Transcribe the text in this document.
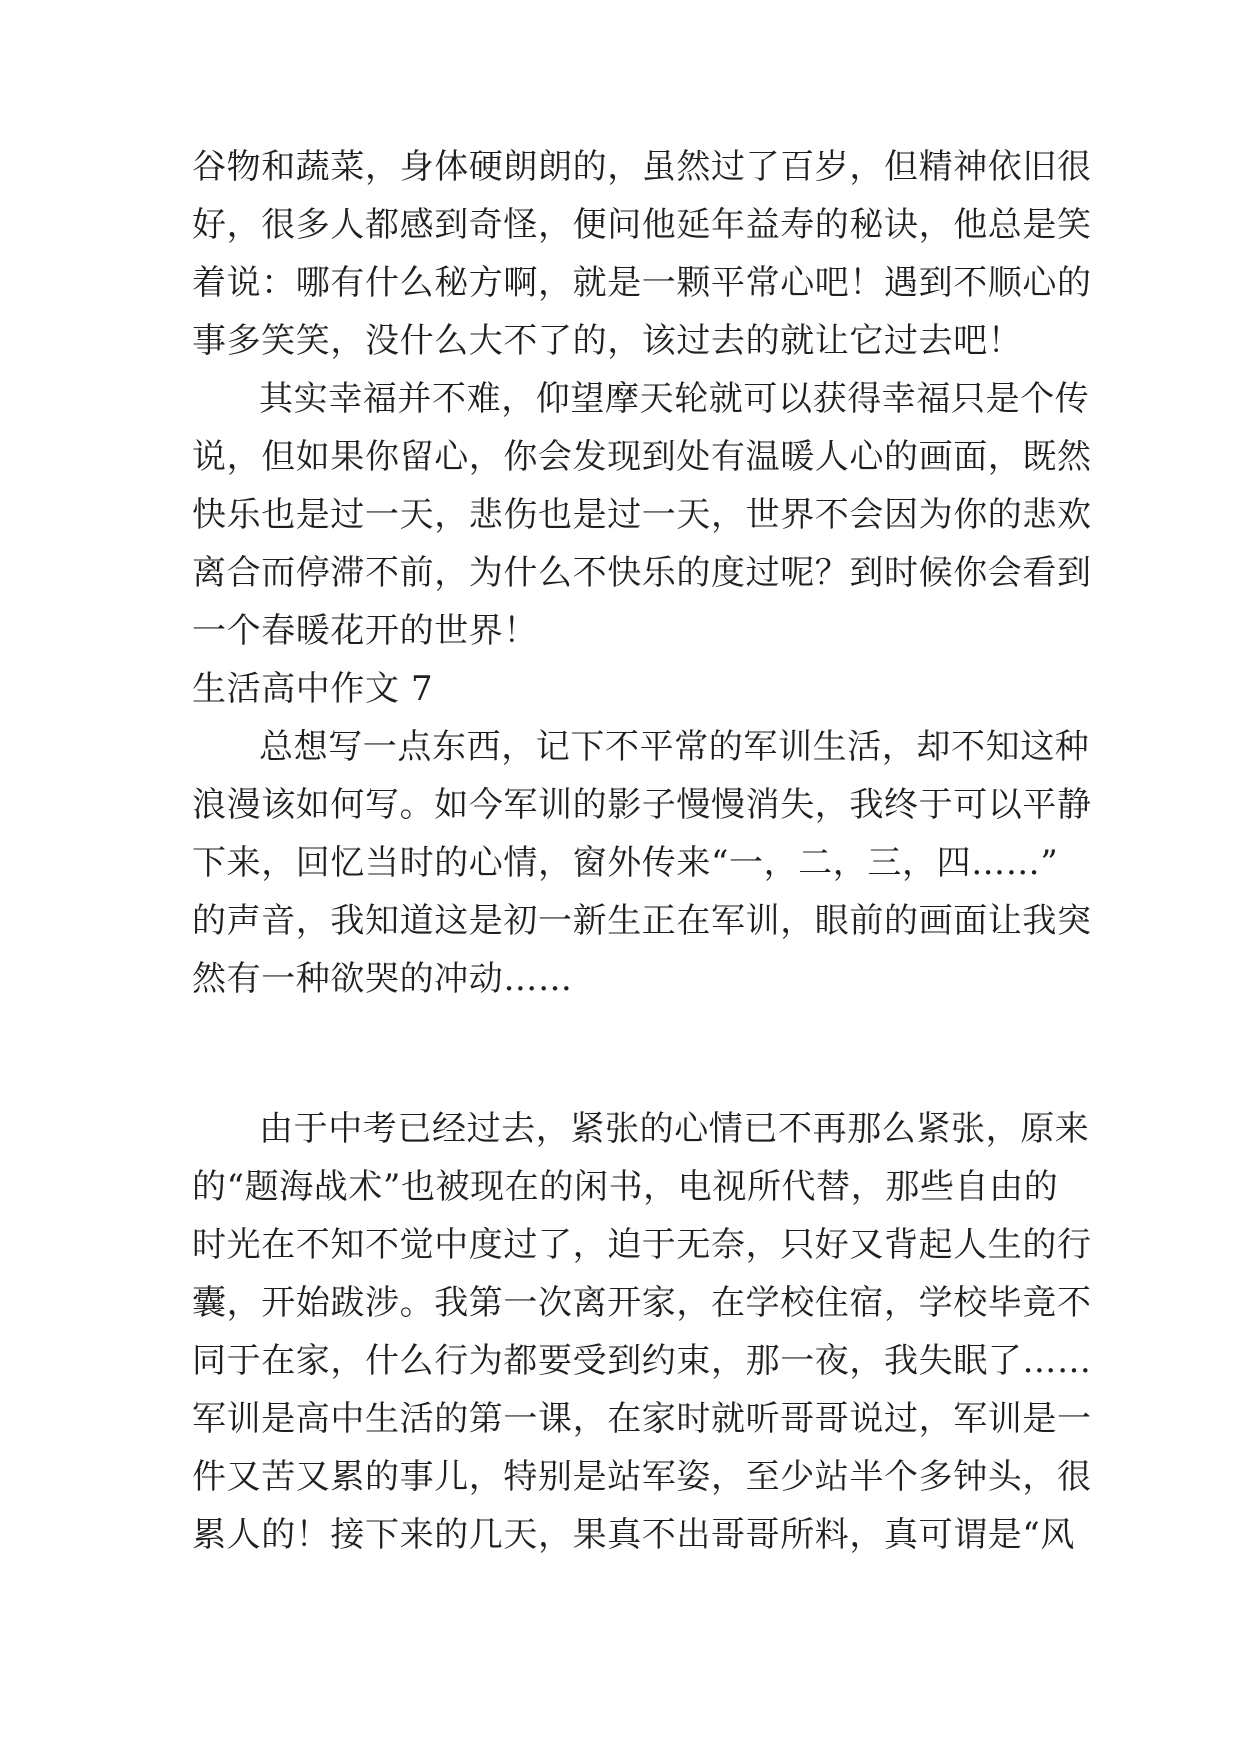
谷物和蔬菜，身体硬朗朗的，虽然过了百岁，但精神依旧很

好，很多人都感到奇怪，便问他延年益寿的秘诀，他总是笑

着说：哪有什么秘方啊，就是一颗平常心吧！遇到不顺心的

事多笑笑，没什么大不了的，该过去的就让它过去吧！

其实幸福并不难，仰望摩天轮就可以获得幸福只是个传

说，但如果你留心，你会发现到处有温暖人心的画面，既然

快乐也是过一天，悲伤也是过一天，世界不会因为你的悲欢

离合而停滞不前，为什么不快乐的度过呢？到时候你会看到

一个春暖花开的世界！

生活高中作文 7

总想写一点东西，记下不平常的军训生活，却不知这种

浪漫该如何写。如今军训的影子慢慢消失，我终于可以平静

下来，回忆当时的心情，窗外传来“一，二，三，四……”

的声音，我知道这是初一新生正在军训，眼前的画面让我突

然有一种欲哭的冲动……

由于中考已经过去，紧张的心情已不再那么紧张，原来

的“题海战术”也被现在的闲书，电视所代替，那些自由的

时光在不知不觉中度过了，迫于无奈，只好又背起人生的行

囊，开始跋涉。我第一次离开家，在学校住宿，学校毕竟不

同于在家，什么行为都要受到约束，那一夜，我失眠了……

军训是高中生活的第一课，在家时就听哥哥说过，军训是一

件又苦又累的事儿，特别是站军姿，至少站半个多钟头，很

累人的！接下来的几天，果真不出哥哥所料，真可谓是“风
